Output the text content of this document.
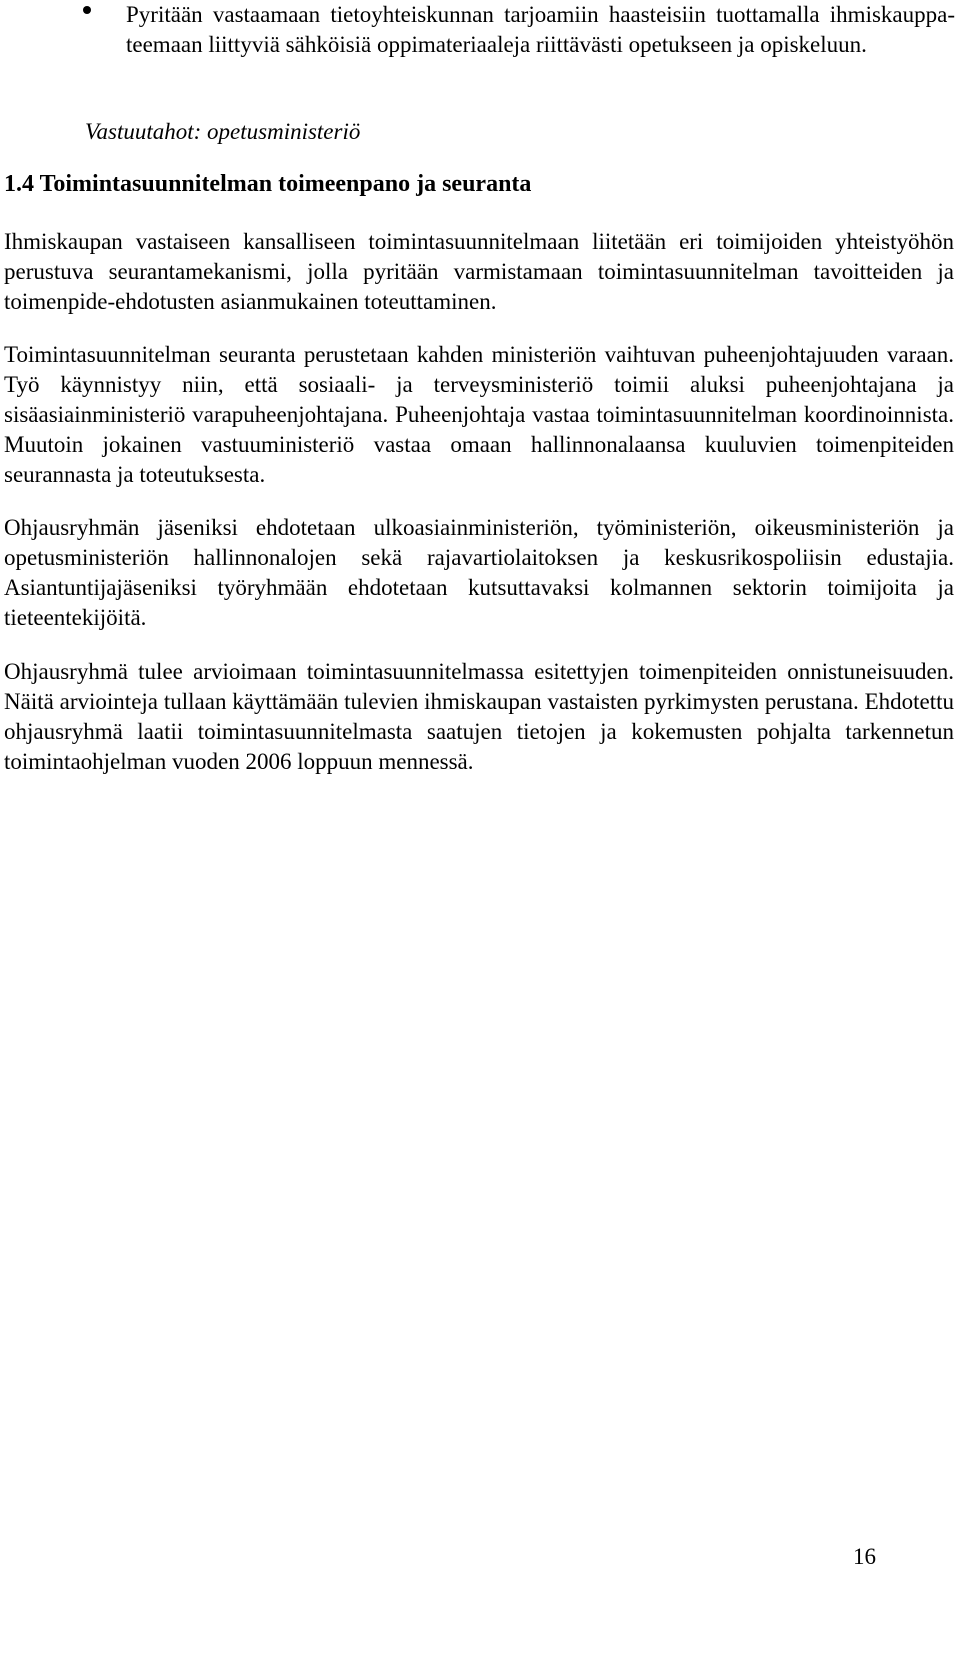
Pyritään vastaamaan tietoyhteiskunnan tarjoamiin haasteisiin tuottamalla ihmiskauppa-teemaan liittyviä sähköisiä oppimateriaaleja riittävästi opetukseen ja opiskeluun.
Vastuutahot: opetusministeriö
1.4 Toimintasuunnitelman toimeenpano ja seuranta

Ihmiskaupan vastaiseen kansalliseen toimintasuunnitelmaan liitetään eri toimijoiden yhteistyöhön perustuva seurantamekanismi, jolla pyritään varmistamaan toimintasuunnitelman tavoitteiden ja toimenpide-ehdotusten asianmukainen toteuttaminen.

Toimintasuunnitelman seuranta perustetaan kahden ministeriön vaihtuvan puheenjohtajuuden varaan. Työ käynnistyy niin, että sosiaali- ja terveysministeriö toimii aluksi puheenjohtajana ja sisäasiainministeriö varapuheenjohtajana. Puheenjohtaja vastaa toimintasuunnitelman koordinoinnista. Muutoin jokainen vastuuministeriö vastaa omaan hallinnonalaansa kuuluvien toimenpiteiden seurannasta ja toteutuksesta.

Ohjausryhmän jäseniksi ehdotetaan ulkoasiainministeriön, työministeriön, oikeusministeriön ja opetusministeriön hallinnonalojen sekä rajavartiolaitoksen ja keskusrikospoliisin edustajia. Asiantuntijajäseniksi työryhmään ehdotetaan kutsuttavaksi kolmannen sektorin toimijoita ja tieteentekijöitä.

Ohjausryhmä tulee arvioimaan toimintasuunnitelmassa esitettyjen toimenpiteiden onnistuneisuuden. Näitä arviointeja tullaan käyttämään tulevien ihmiskaupan vastaisten pyrkimysten perustana. Ehdotettu ohjausryhmä laatii toimintasuunnitelmasta saatujen tietojen ja kokemusten pohjalta tarkennetun toimintaohjelman vuoden 2006 loppuun mennessä.

16
